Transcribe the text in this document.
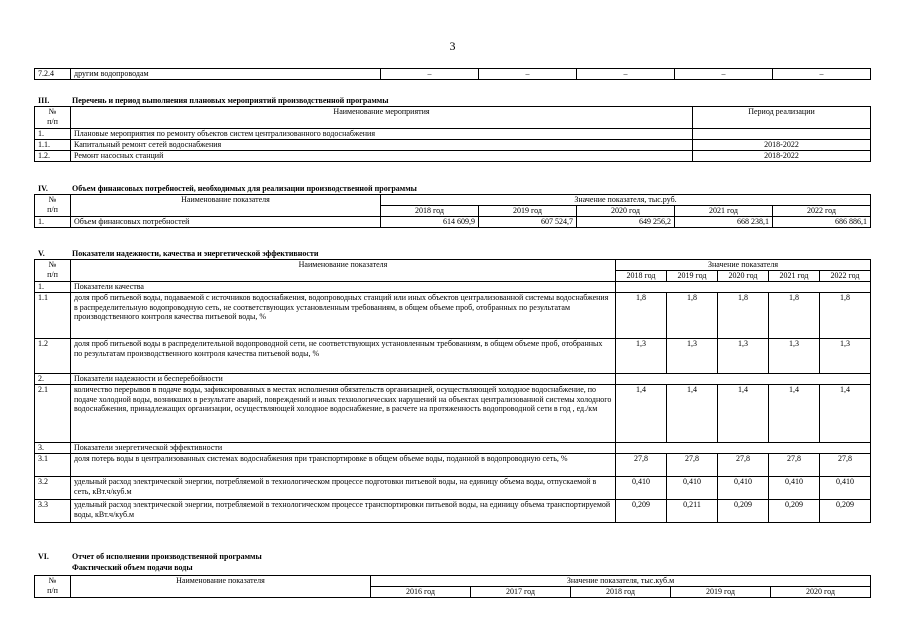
3
7.2.4	другим водопроводам	–	–	–	–	–
III.	Перечень и период выполнения плановых мероприятий производственной программы
№
п/п	Наименование мероприятия	Период реализации
1.	Плановые мероприятия по ремонту объектов систем централизованного водоснабжения	
1.1.	Капитальный ремонт сетей водоснабжения	2018-2022
1.2.	Ремонт насосных станций	2018-2022
IV.	Объем финансовых потребностей, необходимых для реализации производственной программы
№
п/п	Наименование показателя	Значение показателя, тыс.руб.				
		2018 год	2019 год	2020 год	2021 год	2022 год
1.	Объем финансовых потребностей	614 609,9	607 524,7	649 256,2	668 238,1	686 886,1
V.	Показатели надежности, качества и энергетической эффективности
№
п/п	Наименование показателя	Значение показателя				
		2018 год	2019 год	2020 год	2021 год	2022 год
1.	Показатели качества					
1.1	доля проб питьевой воды, подаваемой с источников водоснабжения, водопроводных станций или иных объектов централизованной системы водоснабжения в распределительную водопроводную сеть, не соответствующих установленным требованиям, в общем объеме проб, отобранных по результатам производственного контроля качества питьевой воды, %	1,8	1,8	1,8	1,8	1,8
1.2	доля проб питьевой воды в распределительной водопроводной сети, не соответствующих установленным требованиям, в общем объеме проб, отобранных по результатам производственного контроля качества питьевой воды, %	1,3	1,3	1,3	1,3	1,3
2.	Показатели надежности и бесперебойности					
2.1	количество перерывов в подаче воды, зафиксированных в местах исполнения обязательств организацией, осуществляющей холодное водоснабжение, по подаче холодной воды, возникших в результате аварий, повреждений и иных технологических нарушений на объектах централизованной системы холодного водоснабжения, принадлежащих организации, осуществляющей холодное водоснабжение, в расчете на протяженность водопроводной сети в год , ед./км	1,4	1,4	1,4	1,4	1,4
3.	Показатели энергетической эффективности					
3.1	доля потерь воды в централизованных системах водоснабжения при транспортировке в общем объеме воды, поданной в водопроводную сеть, %	27,8	27,8	27,8	27,8	27,8
3.2	удельный расход электрической энергии, потребляемой в технологическом процессе подготовки питьевой воды, на единицу объема воды, отпускаемой в сеть, кВт.ч/куб.м	0,410	0,410	0,410	0,410	0,410
3.3	удельный расход электрической энергии, потребляемой в технологическом процессе транспортировки питьевой воды, на единицу объема транспортируемой воды, кВт.ч/куб.м	0,209	0,211	0,209	0,209	0,209
VI.	Отчет об исполнении производственной программы
Фактический объем подачи воды
№
п/п	Наименование показателя	Значение показателя, тыс.куб.м				
		2016 год	2017 год	2018 год	2019 год	2020 год
